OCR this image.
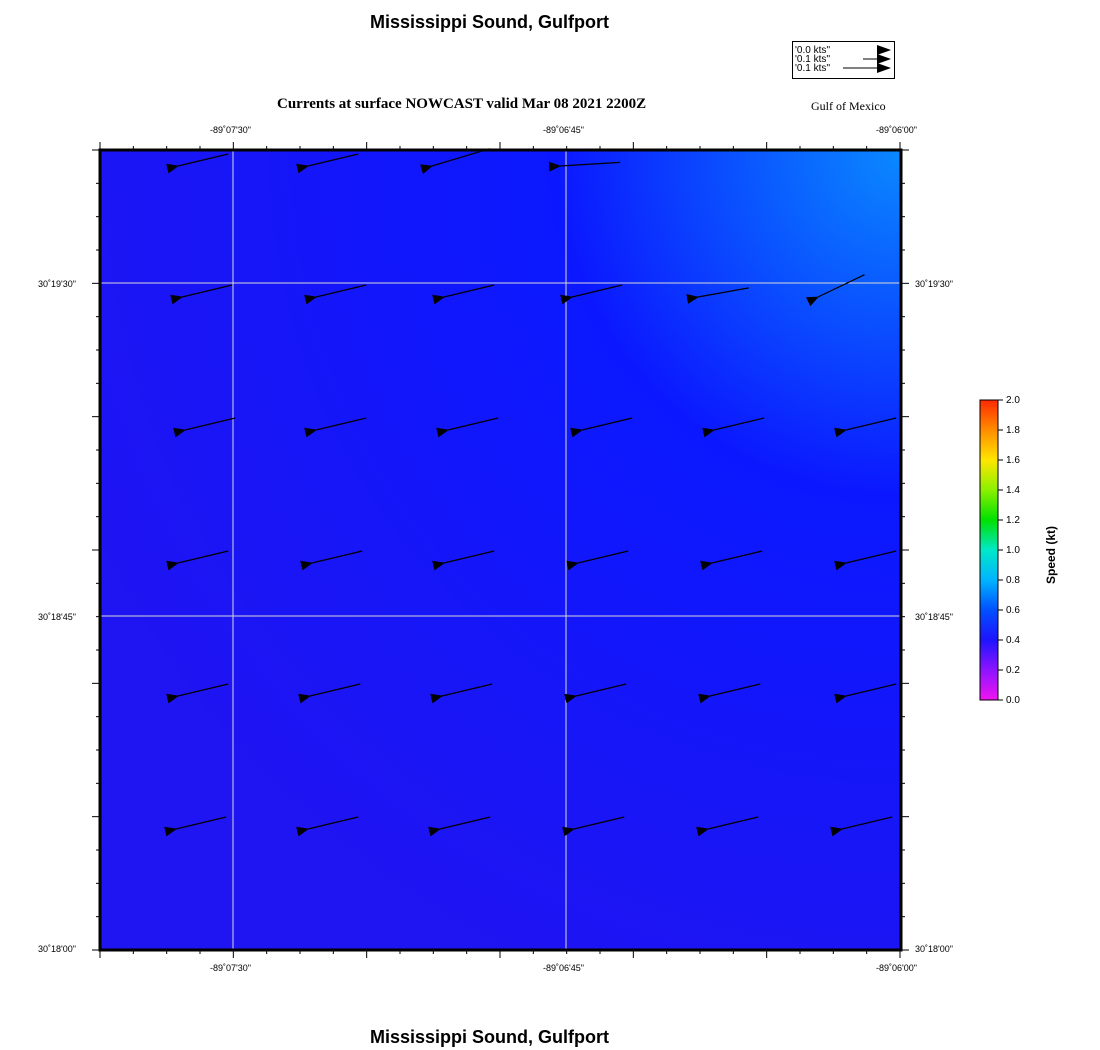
Mississippi Sound, Gulfport
'0.0 kts''
'0.1 kts''
'0.1 kts''
Currents at surface NOWCAST valid Mar 08 2021 2200Z	Gulf of Mexico
-89˚07'30"	-89˚06'45"	-89˚06'00"
-89˚07'30"	-89˚06'45"	-89˚06'00"
30˚19'30"
30˚18'45"
30˚18'00"
30˚19'30"
30˚18'45"
30˚18'00"
2.0
1.8
1.6
1.4
1.2
1.0
0.8
0.6
0.4
0.2
0.0
Speed (kt)
Mississippi Sound, Gulfport
